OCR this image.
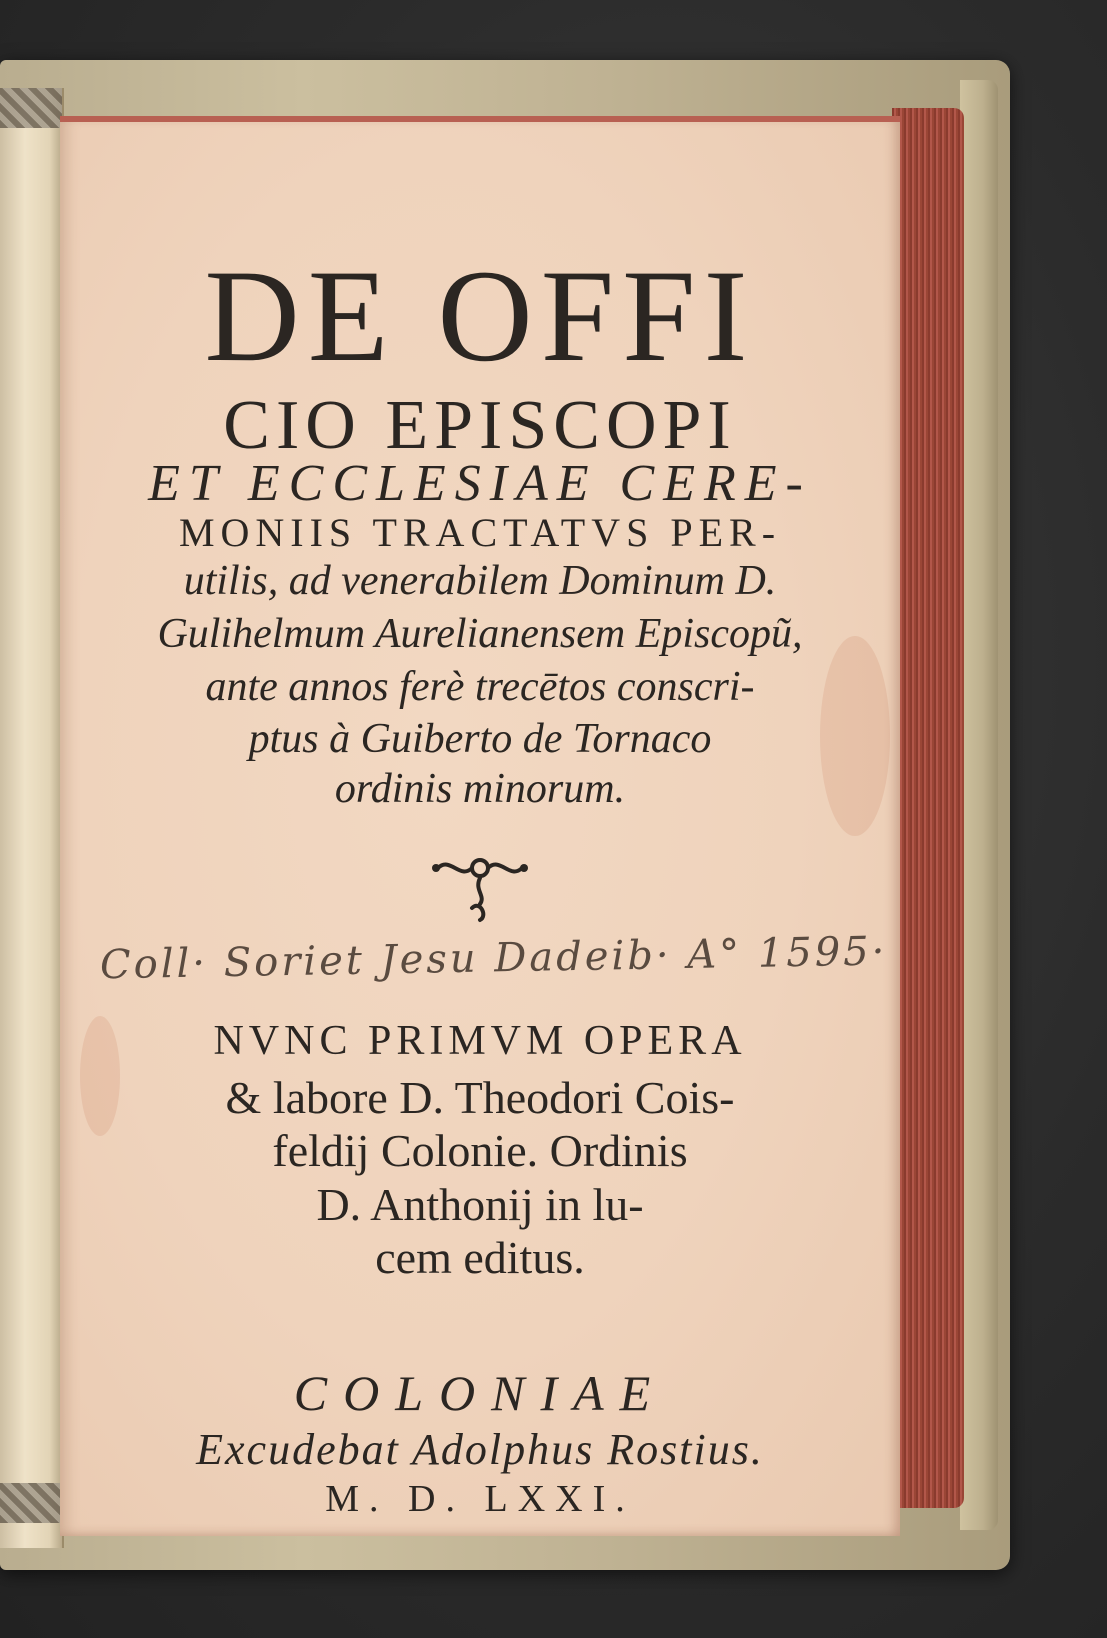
DE OFFI
CIO EPISCOPI
ET ECCLESIAE CERE-
MONIIS TRACTATVS PER-
utilis, ad venerabilem Dominum D.
Gulihelmum Aurelianensem Episcopũ,
ante annos ferè trecētos conscri-
ptus à Guiberto de Tornaco
ordinis minorum.
Coll· Soriet Jesu Dadeib· A° 1595·
NVNC PRIMVM OPERA
& labore D. Theodori Cois-
feldij Colonie. Ordinis
D. Anthonij in lu-
cem editus.
COLONIAE
Excudebat Adolphus Rostius.
M. D. LXXI.
